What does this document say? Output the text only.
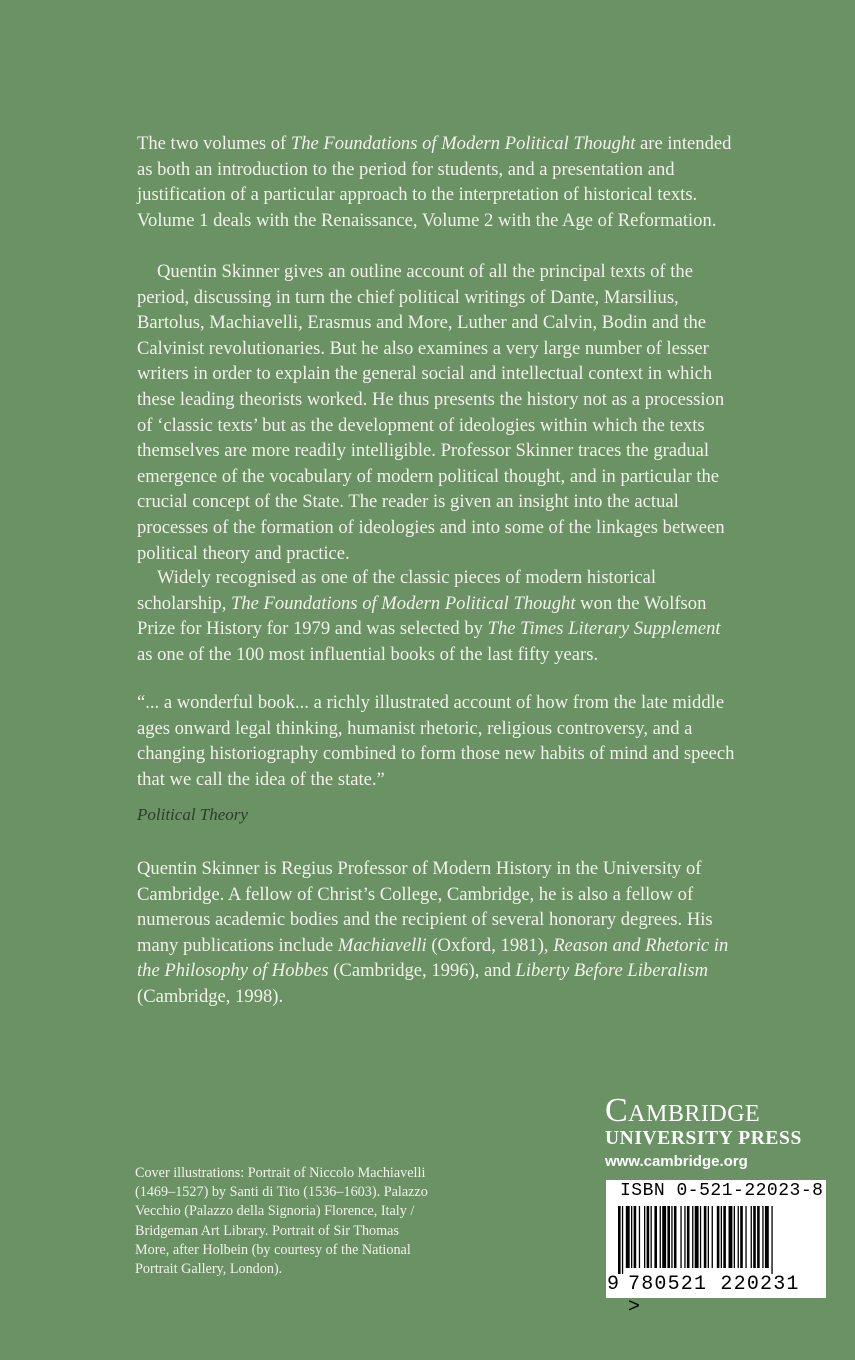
The two volumes of The Foundations of Modern Political Thought are intended as both an introduction to the period for students, and a presentation and justification of a particular approach to the interpretation of historical texts. Volume 1 deals with the Renaissance, Volume 2 with the Age of Reformation.

Quentin Skinner gives an outline account of all the principal texts of the period, discussing in turn the chief political writings of Dante, Marsilius, Bartolus, Machiavelli, Erasmus and More, Luther and Calvin, Bodin and the Calvinist revolutionaries. But he also examines a very large number of lesser writers in order to explain the general social and intellectual context in which these leading theorists worked. He thus presents the history not as a procession of ‘classic texts’ but as the development of ideologies within which the texts themselves are more readily intelligible. Professor Skinner traces the gradual emergence of the vocabulary of modern political thought, and in particular the crucial concept of the State. The reader is given an insight into the actual processes of the formation of ideologies and into some of the linkages between political theory and practice.

Widely recognised as one of the classic pieces of modern historical scholarship, The Foundations of Modern Political Thought won the Wolfson Prize for History for 1979 and was selected by The Times Literary Supplement as one of the 100 most influential books of the last fifty years.

“... a wonderful book... a richly illustrated account of how from the late middle ages onward legal thinking, humanist rhetoric, religious controversy, and a changing historiography combined to form those new habits of mind and speech that we call the idea of the state.”

Political Theory

Quentin Skinner is Regius Professor of Modern History in the University of Cambridge. A fellow of Christ’s College, Cambridge, he is also a fellow of numerous academic bodies and the recipient of several honorary degrees. His many publications include Machiavelli (Oxford, 1981), Reason and Rhetoric in the Philosophy of Hobbes (Cambridge, 1996), and Liberty Before Liberalism (Cambridge, 1998).

Cover illustrations: Portrait of Niccolo Machiavelli (1469–1527) by Santi di Tito (1536–1603). Palazzo Vecchio (Palazzo della Signoria) Florence, Italy / Bridgeman Art Library. Portrait of Sir Thomas More, after Holbein (by courtesy of the National Portrait Gallery, London).

Cambridge
UNIVERSITY PRESS
www.cambridge.org
ISBN 0-521-22023-8
9 780521 220231 >
